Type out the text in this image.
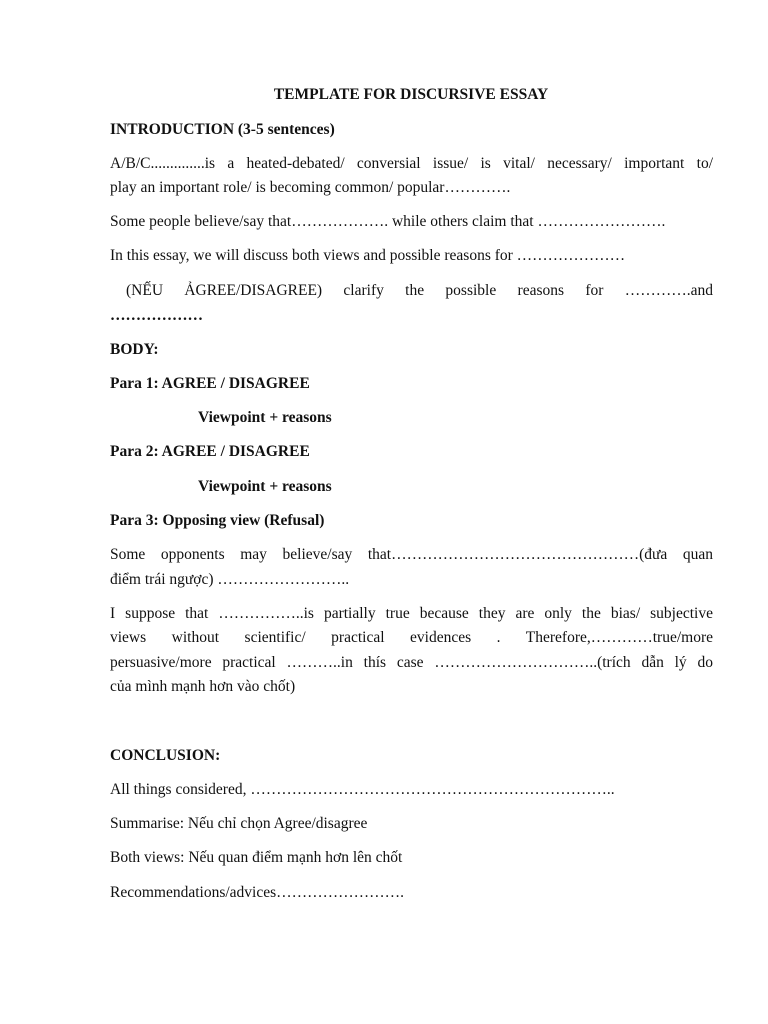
TEMPLATE FOR DISCURSIVE ESSAY
INTRODUCTION (3-5 sentences)
A/B/C..............is a heated-debated/ conversial issue/ is vital/ necessary/ important to/
play an important role/ is becoming common/ popular………….
Some people believe/say that………………. while others claim that …………………….
In this essay, we will discuss both views and possible reasons for …………………
(NẾU ẢGREE/DISAGREE) clarify the possible reasons for ………….and
………………
BODY:
Para 1: AGREE / DISAGREE
Viewpoint + reasons
Para 2: AGREE / DISAGREE
Viewpoint + reasons
Para 3: Opposing view (Refusal)
Some opponents may believe/say that…………………………………………(đưa quan
điểm trái ngược) ……………………..
I suppose that ……………..is partially true because they are only the bias/ subjective
views without scientific/ practical evidences . Therefore,…………true/more
persuasive/more practical ………..in thís case …………………………..(trích dẫn lý do
của mình mạnh hơn vào chốt)
CONCLUSION:
All things considered, ……………………………………………………………..
Summarise: Nếu chỉ chọn Agree/disagree
Both views: Nếu quan điểm mạnh hơn lên chốt
Recommendations/advices…………………….
